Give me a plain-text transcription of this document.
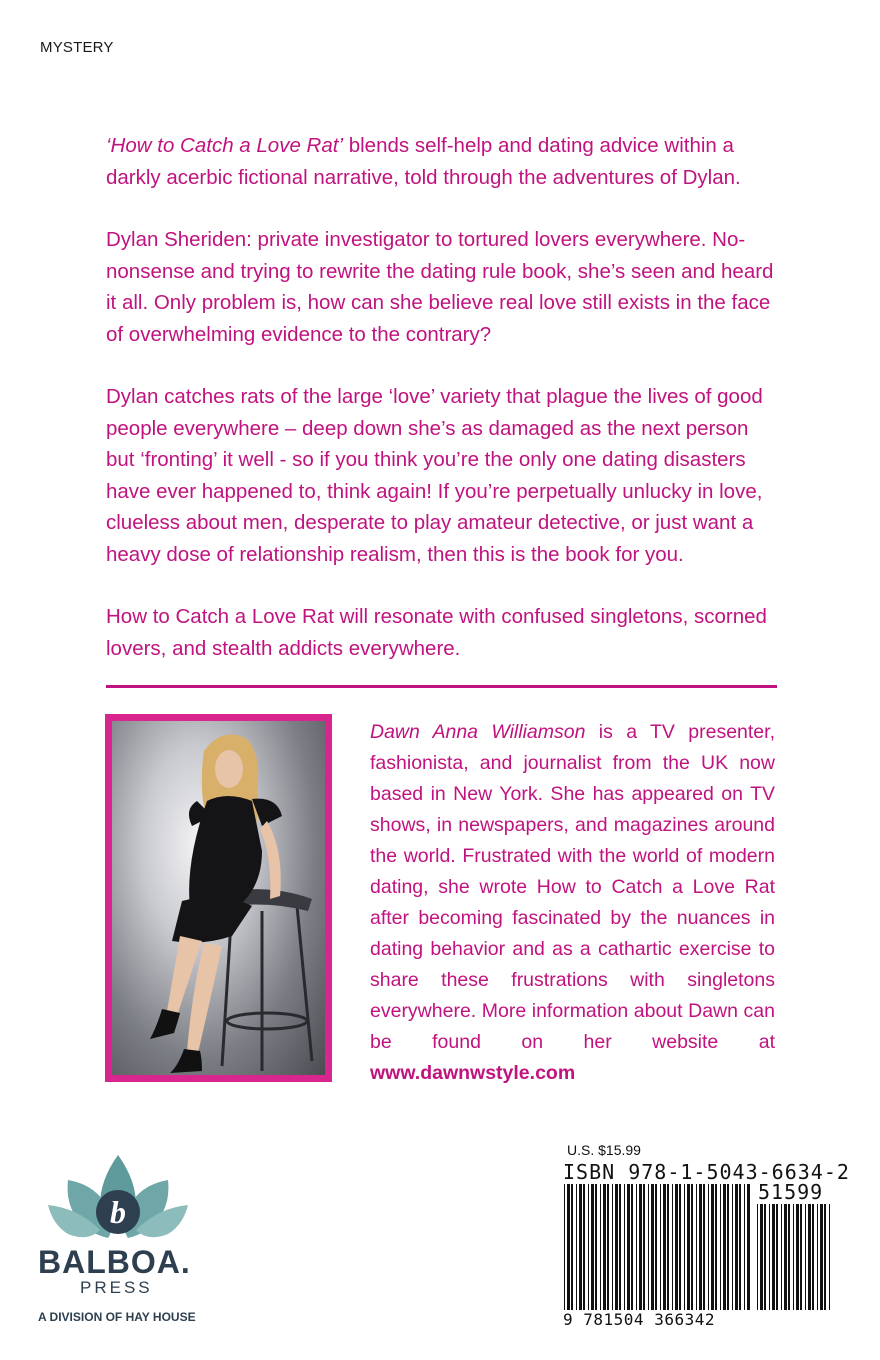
MYSTERY

‘How to Catch a Love Rat’ blends self-help and dating advice within a darkly acerbic fictional narrative, told through the adventures of Dylan.

Dylan Sheriden: private investigator to tortured lovers everywhere. No-nonsense and trying to rewrite the dating rule book, she’s seen and heard it all. Only problem is, how can she believe real love still exists in the face of overwhelming evidence to the contrary?

Dylan catches rats of the large ‘love’ variety that plague the lives of good people everywhere – deep down she’s as damaged as the next person but ‘fronting’ it well - so if you think you’re the only one dating disasters have ever happened to, think again! If you’re perpetually unlucky in love, clueless about men, desperate to play amateur detective, or just want a heavy dose of relationship realism, then this is the book for you.

How to Catch a Love Rat will resonate with confused singletons, scorned lovers, and stealth addicts everywhere.

Dawn Anna Williamson is a TV presenter, fashionista, and journalist from the UK now based in New York. She has appeared on TV shows, in newspapers, and magazines around the world. Frustrated with the world of modern dating, she wrote How to Catch a Love Rat after becoming fascinated by the nuances in dating behavior and as a cathartic exercise to share these frustrations with singletons everywhere. More information about Dawn can be found on her website at www.dawnwstyle.com
b
BALBOA.
PRESS
A DIVISION OF HAY HOUSE
U.S. $15.99
ISBN 978-1-5043-6634-2
51599
9 781504 366342
